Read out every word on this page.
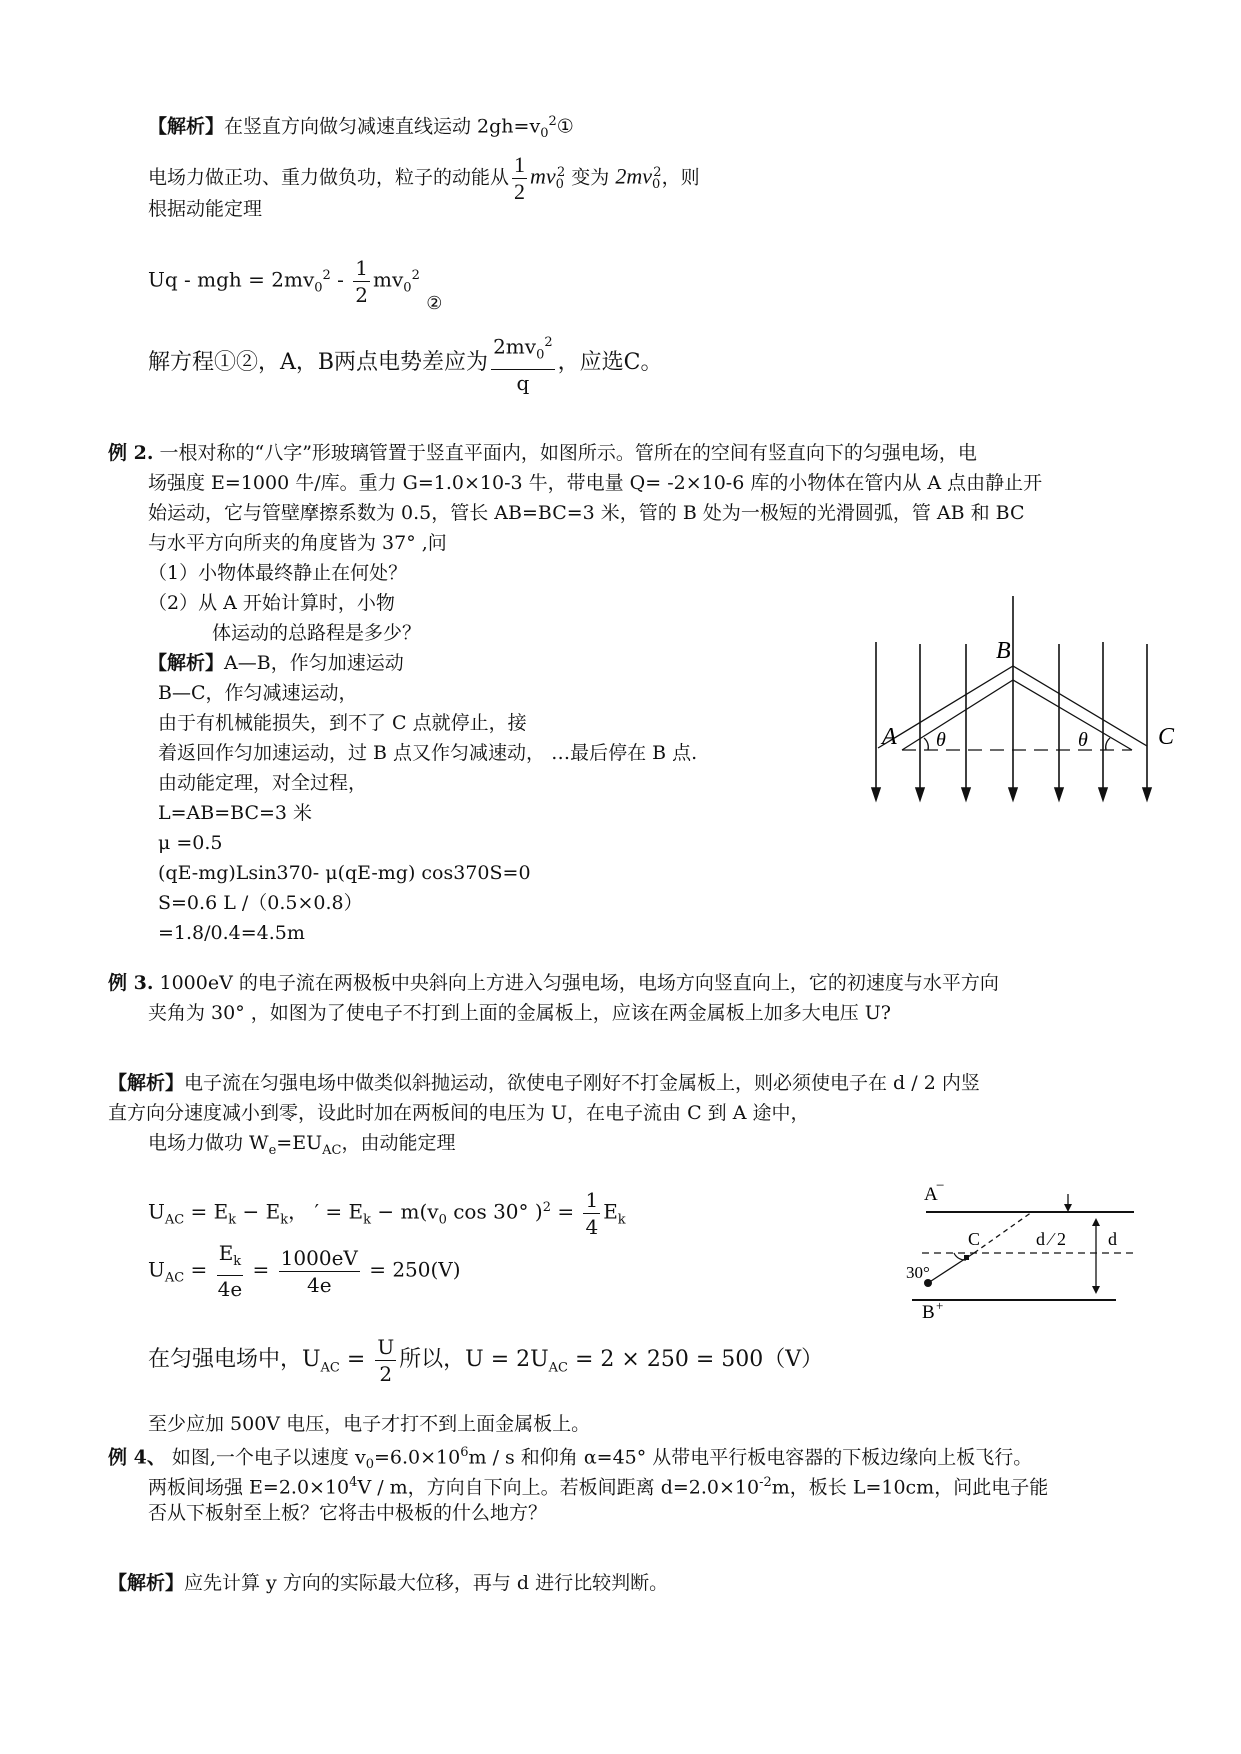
【解析】在竖直方向做匀减速直线运动 $2gh=v_0^2①$
电场力做正功、重力做负功，粒子的动能从 $\frac{1}{2} mv_0^2$ 变为 $2mv_0^2$，则
根据动能定理
Uq - mgh = $2mv_0^2 - \frac{1}{2} mv_0^2$ ②
解方程①②，A，B两点电势差应为 $\frac{2mv_0^2}{q}$ ，应选C。
例 2. 一根对称的“八字”形玻璃管置于竖直平面内，如图所示。管所在的空间有竖直向下的匀强电场，电
场强度 E=1000 牛/库。重力 G=1.0×10-3 牛，带电量 Q= -2×10-6 库的小物体在管内从 A 点由静止开
始运动，它与管壁摩擦系数为 0.5，管长 AB=BC=3 米，管的 B 处为一极短的光滑圆弧，管 AB 和 BC
与水平方向所夹的角度皆为 37° ,问
（1）小物体最终静止在何处？
（2）从 A 开始计算时，小物
体运动的总路程是多少？
【解析】A—B，作匀加速运动
B—C，作匀减速运动，
由于有机械能损失，到不了 C 点就停止，接
着返回作匀加速运动，过 B 点又作匀减速动， …最后停在 B 点.
由动能定理，对全过程，
L=AB=BC=3 米
μ =0.5
(qE-mg)Lsin370- μ(qE-mg) cos370S=0
S=0.6 L /（0.5×0.8）
=1.8/0.4=4.5m
A
B
C
θ	θ
例 3. 1000eV 的电子流在两极板中央斜向上方进入匀强电场，电场方向竖直向上，它的初速度与水平方向
夹角为 30° ，如图为了使电子不打到上面的金属板上，应该在两金属板上加多大电压 U?
【解析】电子流在匀强电场中做类似斜抛运动，欲使电子刚好不打金属板上，则必须使电子在 d / 2 内竖
直方向分速度减小到零，设此时加在两板间的电压为 U，在电子流由 C 到 A 途中，
电场力做功 $W_e=EU_{AC}$，由动能定理
$U_{AC} = E_k - E_k$， ′ = $E_k - m(v_0$ cos 30° )$^2 = \frac{1}{4} E_k$
$U_{AC} = \frac{E_k}{4e} = \frac{1000eV}{4e} = 250(V)$
在匀强电场中，$U_{AC} = \frac{U}{2}$ 所以，$U = 2U_{AC} = 2 \times 250 = 500(V)$
至少应加 500V 电压，电子才打不到上面金属板上。
A
−
C	d ⁄ 2 d
30°
B +
例 4、 如图,一个电子以速度 $v_0=6.0\times 10^6m / s$ 和仰角 α=45° 从带电平行板电容器的下板边缘向上板飞行。
两板间场强 $E=2.0\times 10^4V / m$，方向自下向上。若板间距离 $d=2.0\times 10^{-2}m$，板长 L=10cm，问此电子能
否从下板射至上板？它将击中极板的什么地方？
【解析】应先计算 y 方向的实际最大位移，再与 d 进行比较判断。
